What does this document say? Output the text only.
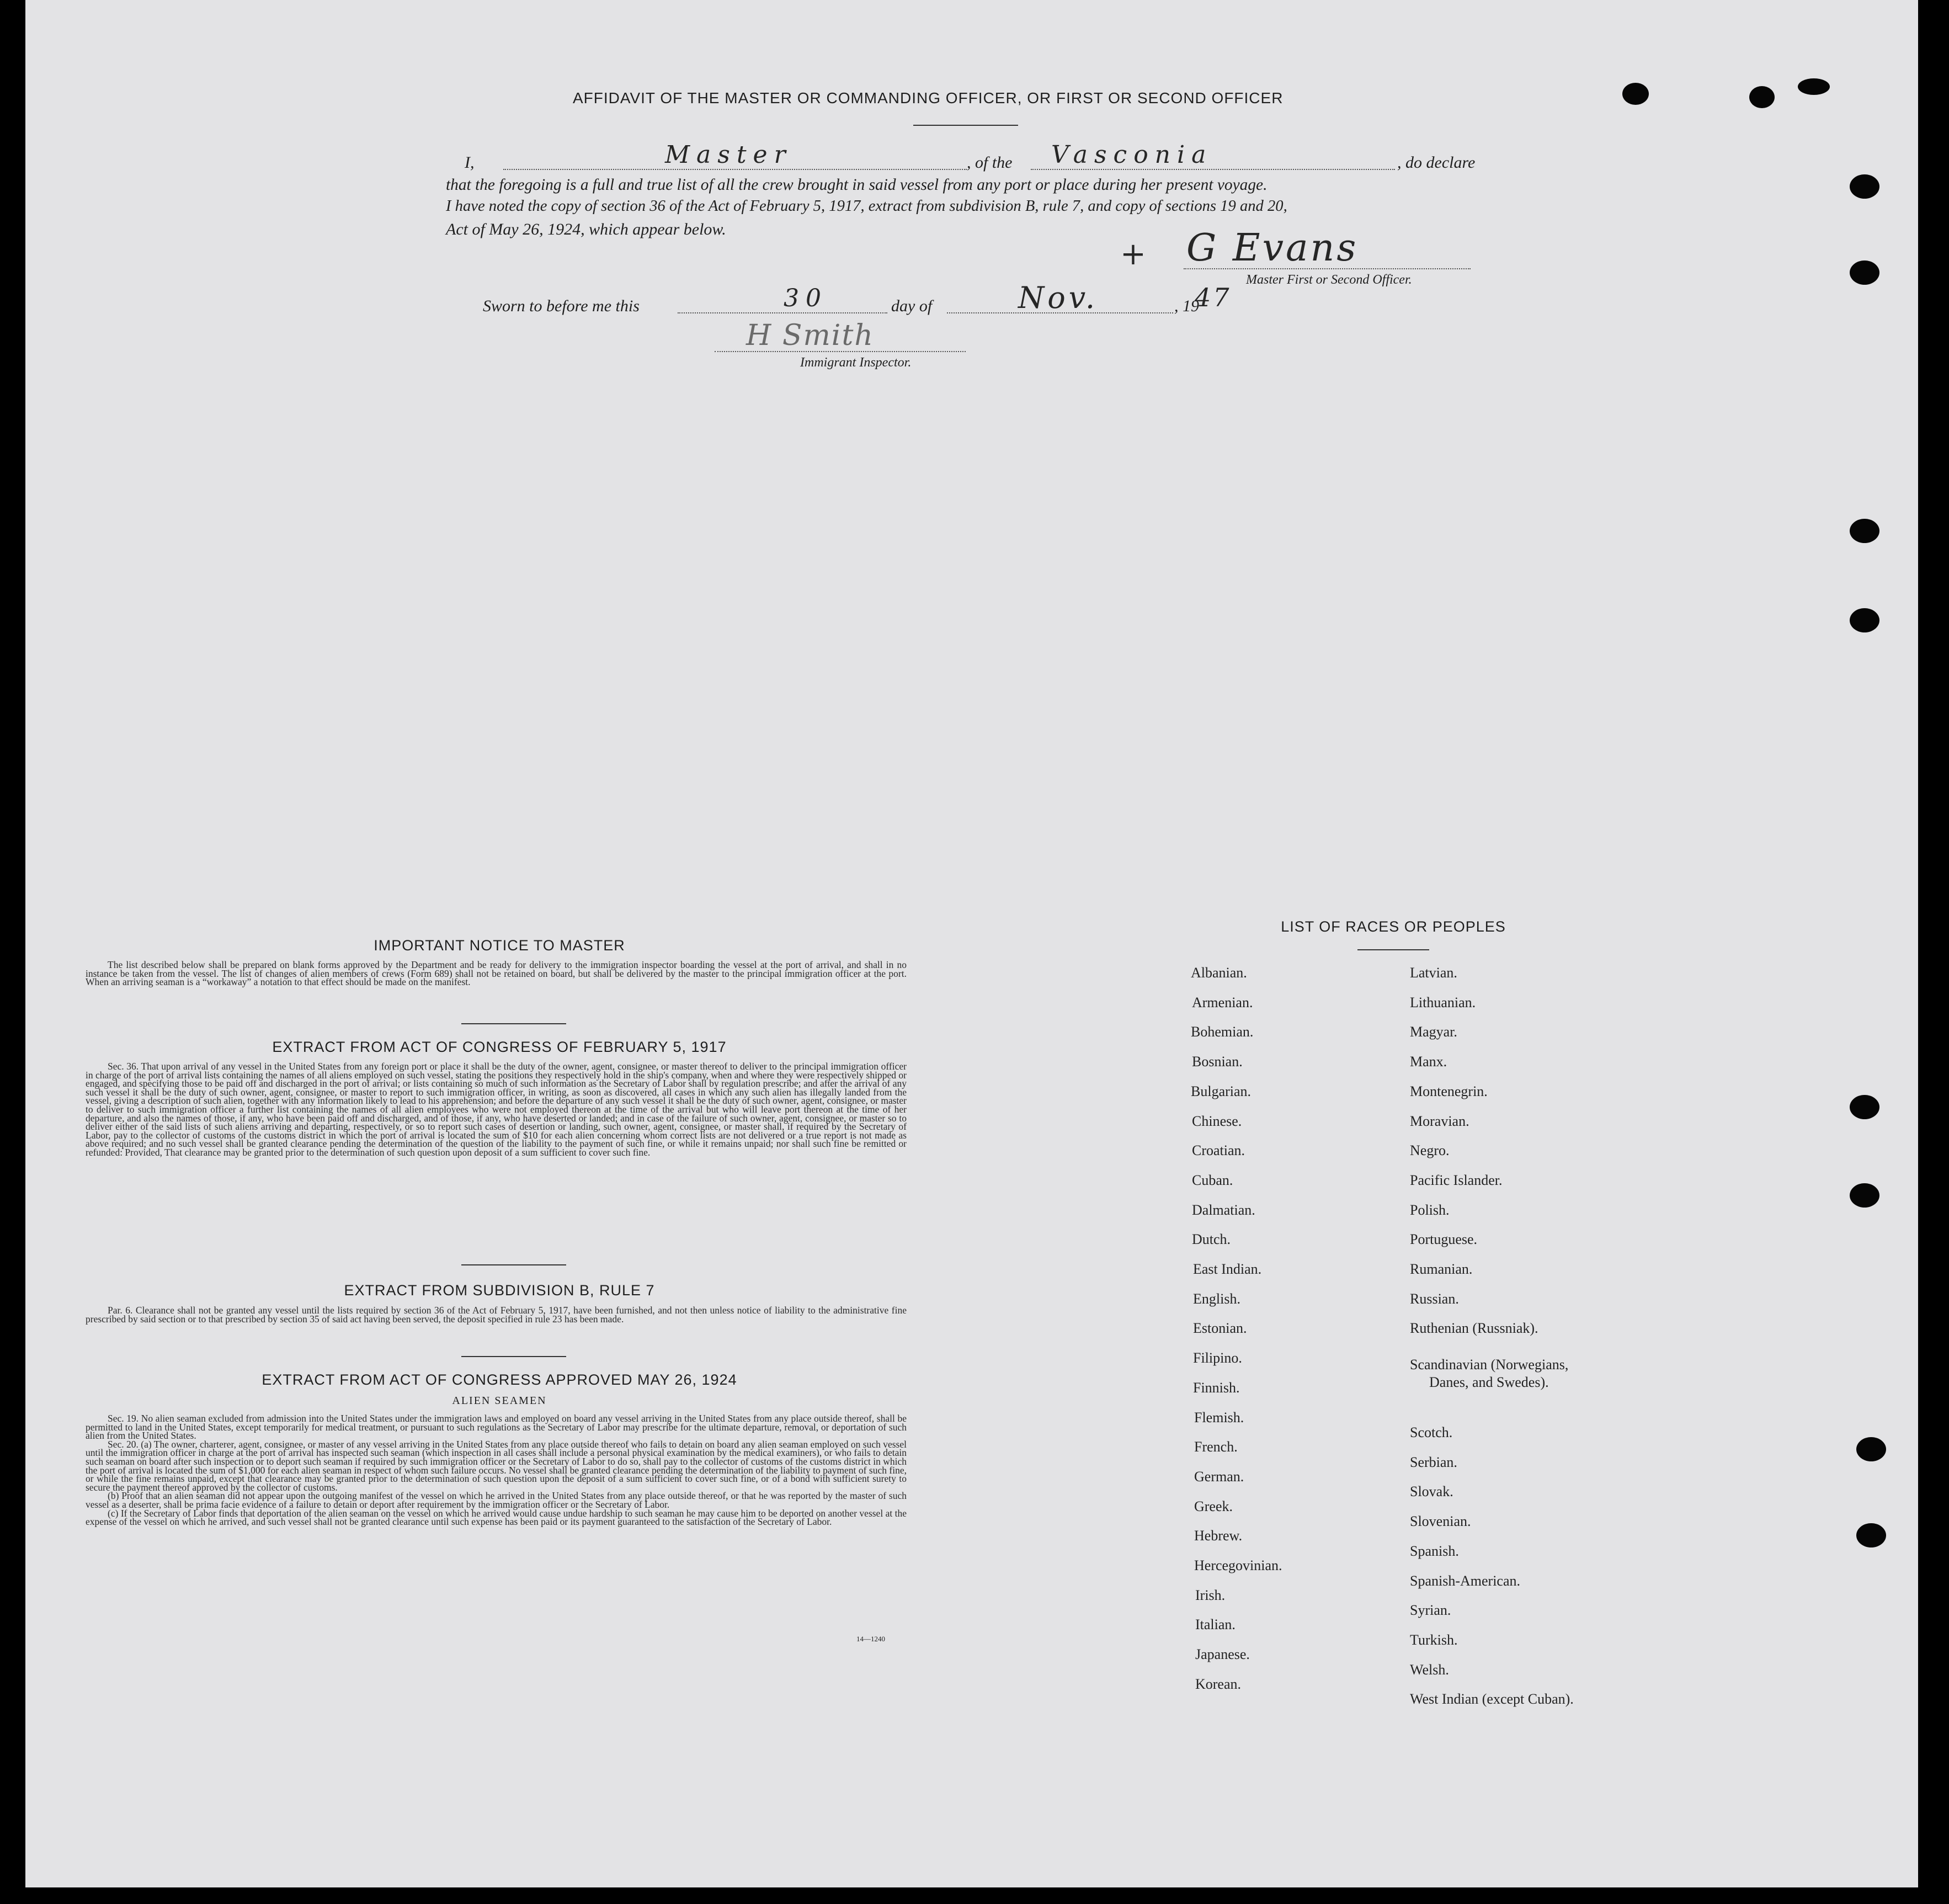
AFFIDAVIT OF THE MASTER OR COMMANDING OFFICER, OR FIRST OR SECOND OFFICER
I,	Master	, of the Vasconia	, do declare
that the foregoing is a full and true list of all the crew brought in said vessel from any port or place during her present voyage.
I have noted the copy of section 36 of the Act of February 5, 1917, extract from subdivision B, rule 7, and copy of sections 19 and 20,
Act of May 26, 1924, which appear below.
+ G Evans
Master First or Second Officer.
Sworn to before me this	30	day of	Nov.	, 19
47
H Smith
Immigrant Inspector.
IMPORTANT NOTICE TO MASTER

The list described below shall be prepared on blank forms approved by the Department and be ready for delivery to the immigration inspector boarding the vessel at the port of arrival, and shall in no instance be taken from the vessel. The list of changes of alien members of crews (Form 689) shall not be retained on board, but shall be delivered by the master to the principal immigration officer at the port. When an arriving seaman is a “workaway” a notation to that effect should be made on the manifest.

EXTRACT FROM ACT OF CONGRESS OF FEBRUARY 5, 1917

Sec. 36. That upon arrival of any vessel in the United States from any foreign port or place it shall be the duty of the owner, agent, consignee, or master thereof to deliver to the principal immigration officer in charge of the port of arrival lists containing the names of all aliens employed on such vessel, stating the positions they respectively hold in the ship's company, when and where they were respectively shipped or engaged, and specifying those to be paid off and discharged in the port of arrival; or lists containing so much of such information as the Secretary of Labor shall by regulation prescribe; and after the arrival of any such vessel it shall be the duty of such owner, agent, consignee, or master to report to such immigration officer, in writing, as soon as discovered, all cases in which any such alien has illegally landed from the vessel, giving a description of such alien, together with any information likely to lead to his apprehension; and before the departure of any such vessel it shall be the duty of such owner, agent, consignee, or master to deliver to such immigration officer a further list containing the names of all alien employees who were not employed thereon at the time of the arrival but who will leave port thereon at the time of her departure, and also the names of those, if any, who have been paid off and discharged, and of those, if any, who have deserted or landed; and in case of the failure of such owner, agent, consignee, or master so to deliver either of the said lists of such aliens arriving and departing, respectively, or so to report such cases of desertion or landing, such owner, agent, consignee, or master shall, if required by the Secretary of Labor, pay to the collector of customs of the customs district in which the port of arrival is located the sum of $10 for each alien concerning whom correct lists are not delivered or a true report is not made as above required; and no such vessel shall be granted clearance pending the determination of the question of the liability to the payment of such fine, or while it remains unpaid; nor shall such fine be remitted or refunded: Provided, That clearance may be granted prior to the determination of such question upon deposit of a sum sufficient to cover such fine.

EXTRACT FROM SUBDIVISION B, RULE 7

Par. 6. Clearance shall not be granted any vessel until the lists required by section 36 of the Act of February 5, 1917, have been furnished, and not then unless notice of liability to the administrative fine prescribed by said section or to that prescribed by section 35 of said act having been served, the deposit specified in rule 23 has been made.

EXTRACT FROM ACT OF CONGRESS APPROVED MAY 26, 1924
ALIEN SEAMEN

Sec. 19. No alien seaman excluded from admission into the United States under the immigration laws and employed on board any vessel arriving in the United States from any place outside thereof, shall be permitted to land in the United States, except temporarily for medical treatment, or pursuant to such regulations as the Secretary of Labor may prescribe for the ultimate departure, removal, or deportation of such alien from the United States.

Sec. 20. (a) The owner, charterer, agent, consignee, or master of any vessel arriving in the United States from any place outside thereof who fails to detain on board any alien seaman employed on such vessel until the immigration officer in charge at the port of arrival has inspected such seaman (which inspection in all cases shall include a personal physical examination by the medical examiners), or who fails to detain such seaman on board after such inspection or to deport such seaman if required by such immigration officer or the Secretary of Labor to do so, shall pay to the collector of customs of the customs district in which the port of arrival is located the sum of $1,000 for each alien seaman in respect of whom such failure occurs. No vessel shall be granted clearance pending the determination of the liability to payment of such fine, or while the fine remains unpaid, except that clearance may be granted prior to the determination of such question upon the deposit of a sum sufficient to cover such fine, or of a bond with sufficient surety to secure the payment thereof approved by the collector of customs.

(b) Proof that an alien seaman did not appear upon the outgoing manifest of the vessel on which he arrived in the United States from any place outside thereof, or that he was reported by the master of such vessel as a deserter, shall be prima facie evidence of a failure to detain or deport after requirement by the immigration officer or the Secretary of Labor.

(c) If the Secretary of Labor finds that deportation of the alien seaman on the vessel on which he arrived would cause undue hardship to such seaman he may cause him to be deported on another vessel at the expense of the vessel on which he arrived, and such vessel shall not be granted clearance until such expense has been paid or its payment guaranteed to the satisfaction of the Secretary of Labor.

14—1240
LIST OF RACES OR PEOPLES
Albanian.
Armenian.
Bohemian.
Bosnian.
Bulgarian.
Chinese.
Croatian.
Cuban.
Dalmatian.
Dutch.
East Indian.
English.
Estonian.
Filipino.
Finnish.
Flemish.
French.
German.
Greek.
Hebrew.
Hercegovinian.
Irish.
Italian.
Japanese.
Korean.
Latvian.
Lithuanian.
Magyar.
Manx.
Montenegrin.
Moravian.
Negro.
Pacific Islander.
Polish.
Portuguese.
Rumanian.
Russian.
Ruthenian (Russniak).
Scandinavian (Norwegians,
Danes, and Swedes).
Scotch.
Serbian.
Slovak.
Slovenian.
Spanish.
Spanish-American.
Syrian.
Turkish.
Welsh.
West Indian (except Cuban).
